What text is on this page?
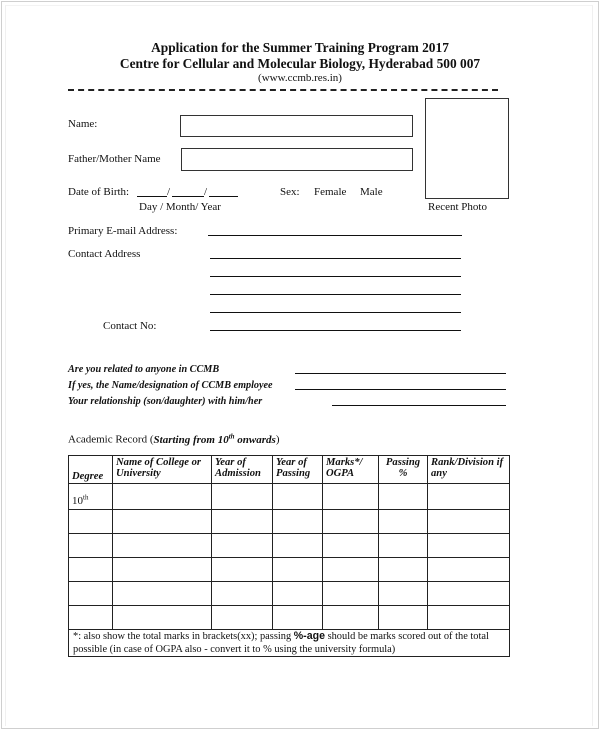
Application for the Summer Training Program 2017
Centre for Cellular and Molecular Biology, Hyderabad 500 007
(www.ccmb.res.in)
Name:
Father/Mother Name
Recent Photo
Date of Birth:	/	/
Day / Month/ Year
Sex: Female Male
Primary E-mail Address:
Contact Address
Contact No:
Are you related to anyone in CCMB
If yes, the Name/designation of CCMB employee
Your relationship (son/daughter) with him/her
Academic Record (Starting from 10th onwards)
Degree	Name of College or University	Year of Admission	Year of Passing	Marks*/ OGPA	Passing %	Rank/Division if any
10th						

*: also show the total marks in brackets(xx); passing %-age should be marks scored out of the total possible (in case of OGPA also - convert it to % using the university formula)						
